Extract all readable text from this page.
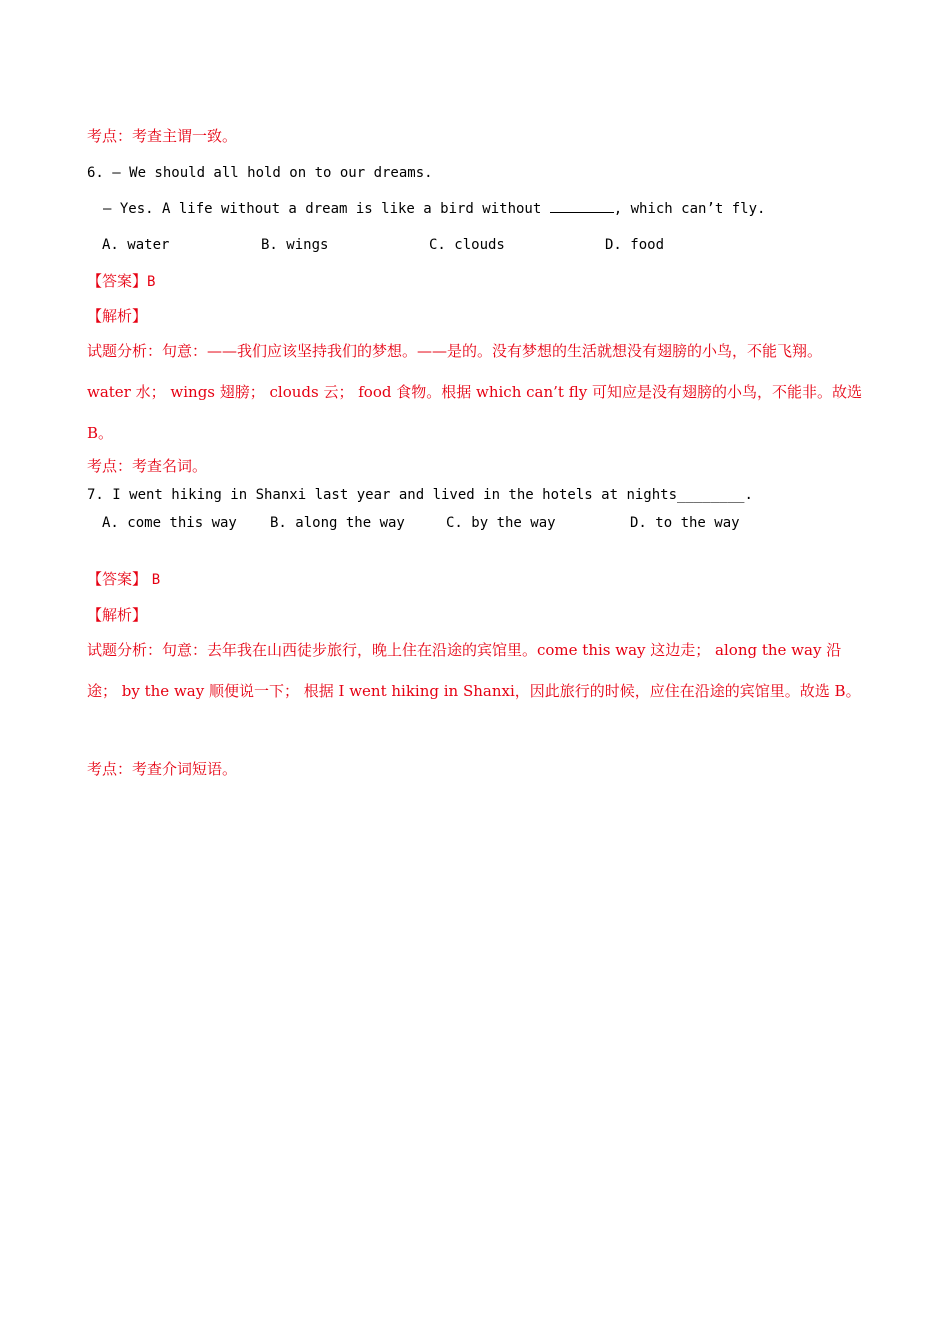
考点：考查主谓一致。
6. — We should all hold on to our dreams.
— Yes. A life without a dream is like a bird without	, which can’t fly.
A. water	B. wings	C. clouds	D. food
【答案】B
【解析】
试题分析：句意：——我们应该坚持我们的梦想。——是的。没有梦想的生活就想没有翅膀的小鸟，不能飞翔。water 水； wings 翅膀； clouds 云； food 食物。根据 which can’t fly 可知应是没有翅膀的小鸟，不能非。故选 B。
考点：考查名词。
7. I went hiking in Shanxi last year and lived in the hotels at nights________.
A. come this way B. along the way	C. by the way	D. to the way
【答案】 B
【解析】
试题分析：句意：去年我在山西徒步旅行，晚上住在沿途的宾馆里。come this way 这边走； along the way 沿途； by the way 顺便说一下； 根据 I went hiking in Shanxi，因此旅行的时候，应住在沿途的宾馆里。故选 B。
考点：考查介词短语。
